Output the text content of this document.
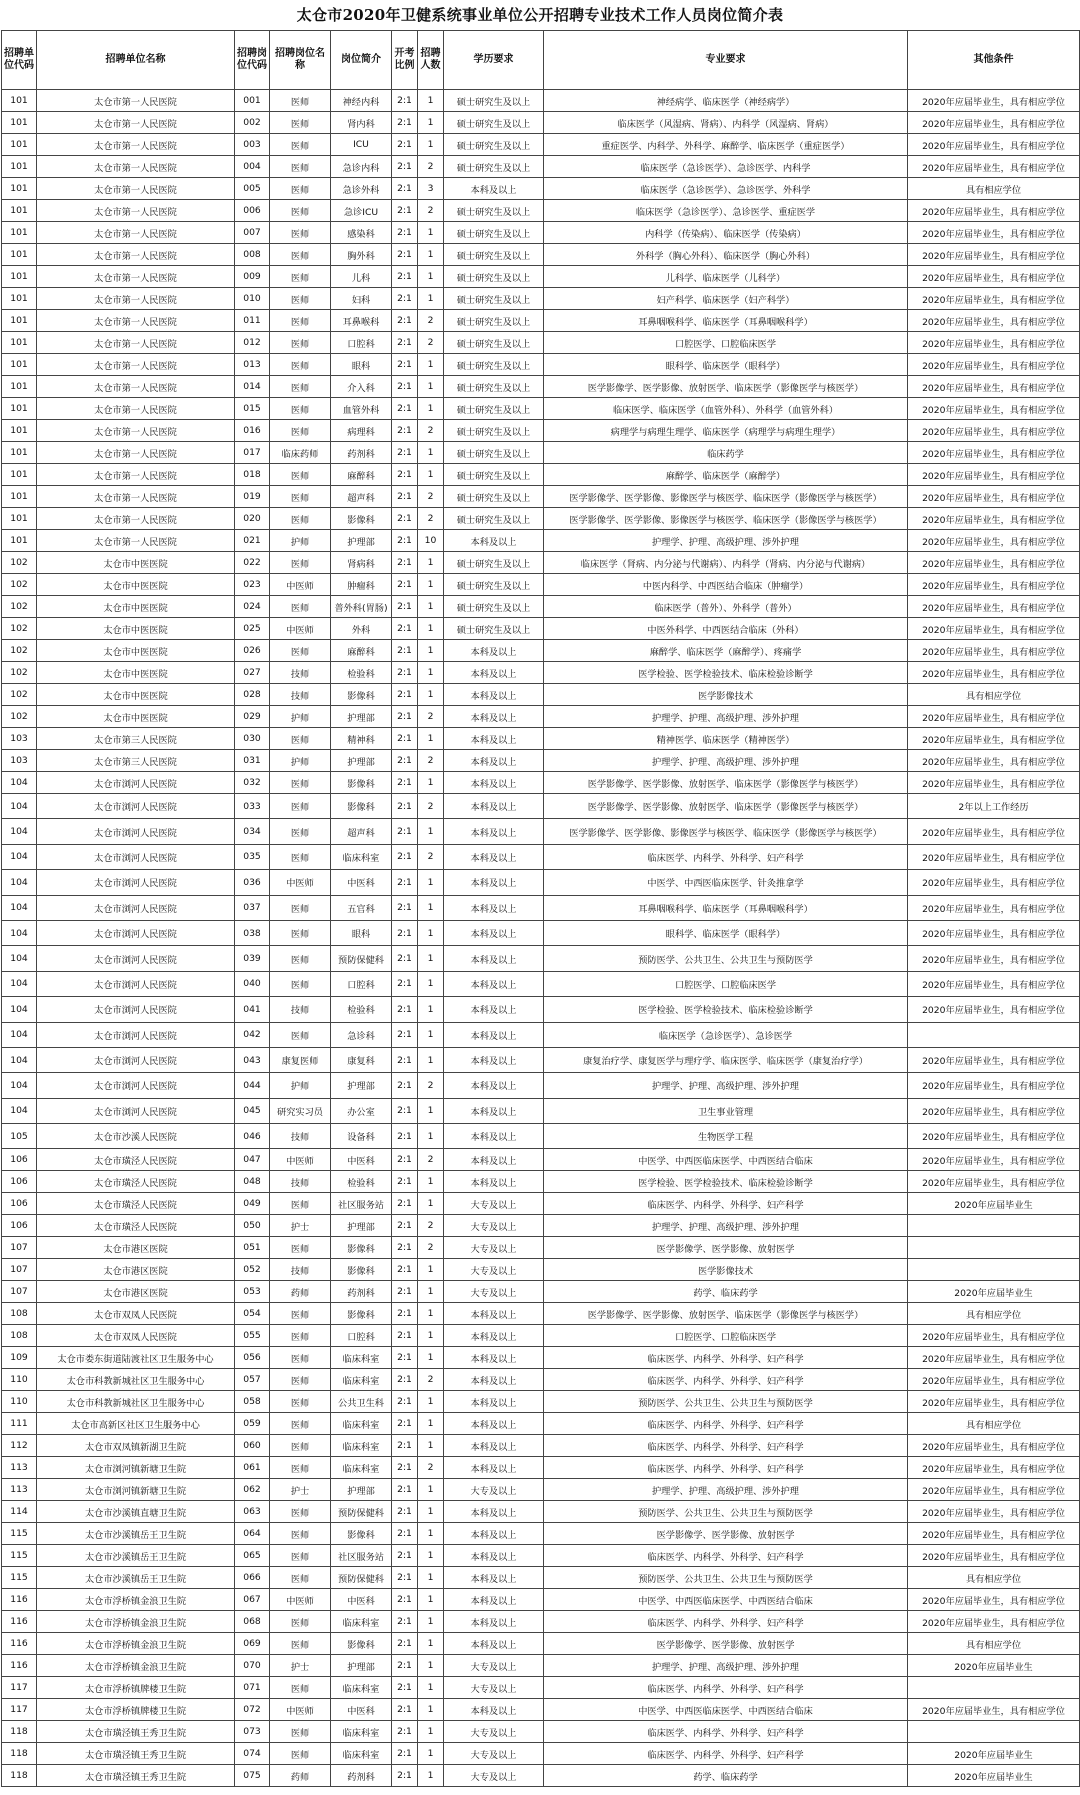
太仓市2020年卫健系统事业单位公开招聘专业技术工作人员岗位简介表
招聘单位代码	招聘单位名称	招聘岗位代码	招聘岗位名称	岗位简介	开考比例	招聘人数	学历要求	专业要求	其他条件
101	太仓市第一人民医院	001	医师	神经内科	2:1	1	硕士研究生及以上	神经病学、临床医学（神经病学）	2020年应届毕业生，具有相应学位
101	太仓市第一人民医院	002	医师	肾内科	2:1	1	硕士研究生及以上	临床医学（风湿病、肾病）、内科学（风湿病、肾病）	2020年应届毕业生，具有相应学位
101	太仓市第一人民医院	003	医师	ICU	2:1	1	硕士研究生及以上	重症医学、内科学、外科学、麻醉学、临床医学（重症医学）	2020年应届毕业生，具有相应学位
101	太仓市第一人民医院	004	医师	急诊内科	2:1	2	硕士研究生及以上	临床医学（急诊医学）、急诊医学、内科学	2020年应届毕业生，具有相应学位
101	太仓市第一人民医院	005	医师	急诊外科	2:1	3	本科及以上	临床医学（急诊医学）、急诊医学、外科学	具有相应学位
101	太仓市第一人民医院	006	医师	急诊ICU	2:1	2	硕士研究生及以上	临床医学（急诊医学）、急诊医学、重症医学	2020年应届毕业生，具有相应学位
101	太仓市第一人民医院	007	医师	感染科	2:1	1	硕士研究生及以上	内科学（传染病）、临床医学（传染病）	2020年应届毕业生，具有相应学位
101	太仓市第一人民医院	008	医师	胸外科	2:1	1	硕士研究生及以上	外科学（胸心外科）、临床医学（胸心外科）	2020年应届毕业生，具有相应学位
101	太仓市第一人民医院	009	医师	儿科	2:1	1	硕士研究生及以上	儿科学、临床医学（儿科学）	2020年应届毕业生，具有相应学位
101	太仓市第一人民医院	010	医师	妇科	2:1	1	硕士研究生及以上	妇产科学、临床医学（妇产科学）	2020年应届毕业生，具有相应学位
101	太仓市第一人民医院	011	医师	耳鼻喉科	2:1	2	硕士研究生及以上	耳鼻咽喉科学、临床医学（耳鼻咽喉科学）	2020年应届毕业生，具有相应学位
101	太仓市第一人民医院	012	医师	口腔科	2:1	2	硕士研究生及以上	口腔医学、口腔临床医学	2020年应届毕业生，具有相应学位
101	太仓市第一人民医院	013	医师	眼科	2:1	1	硕士研究生及以上	眼科学、临床医学（眼科学）	2020年应届毕业生，具有相应学位
101	太仓市第一人民医院	014	医师	介入科	2:1	1	硕士研究生及以上	医学影像学、医学影像、放射医学、临床医学（影像医学与核医学）	2020年应届毕业生，具有相应学位
101	太仓市第一人民医院	015	医师	血管外科	2:1	1	硕士研究生及以上	临床医学、临床医学（血管外科）、外科学（血管外科）	2020年应届毕业生，具有相应学位
101	太仓市第一人民医院	016	医师	病理科	2:1	2	硕士研究生及以上	病理学与病理生理学、临床医学（病理学与病理生理学）	2020年应届毕业生，具有相应学位
101	太仓市第一人民医院	017	临床药师	药剂科	2:1	1	硕士研究生及以上	临床药学	2020年应届毕业生，具有相应学位
101	太仓市第一人民医院	018	医师	麻醉科	2:1	1	硕士研究生及以上	麻醉学、临床医学（麻醉学）	2020年应届毕业生，具有相应学位
101	太仓市第一人民医院	019	医师	超声科	2:1	2	硕士研究生及以上	医学影像学、医学影像、影像医学与核医学、临床医学（影像医学与核医学）	2020年应届毕业生，具有相应学位
101	太仓市第一人民医院	020	医师	影像科	2:1	2	硕士研究生及以上	医学影像学、医学影像、影像医学与核医学、临床医学（影像医学与核医学）	2020年应届毕业生，具有相应学位
101	太仓市第一人民医院	021	护师	护理部	2:1	10	本科及以上	护理学、护理、高级护理、涉外护理	2020年应届毕业生，具有相应学位
102	太仓市中医医院	022	医师	肾病科	2:1	1	硕士研究生及以上	临床医学（肾病、内分泌与代谢病）、内科学（肾病、内分泌与代谢病）	2020年应届毕业生，具有相应学位
102	太仓市中医医院	023	中医师	肿瘤科	2:1	1	硕士研究生及以上	中医内科学、中西医结合临床（肿瘤学）	2020年应届毕业生，具有相应学位
102	太仓市中医医院	024	医师	普外科(胃肠)	2:1	1	硕士研究生及以上	临床医学（普外）、外科学（普外）	2020年应届毕业生，具有相应学位
102	太仓市中医医院	025	中医师	外科	2:1	1	硕士研究生及以上	中医外科学、中西医结合临床（外科）	2020年应届毕业生，具有相应学位
102	太仓市中医医院	026	医师	麻醉科	2:1	1	本科及以上	麻醉学、临床医学（麻醉学）、疼痛学	2020年应届毕业生，具有相应学位
102	太仓市中医医院	027	技师	检验科	2:1	1	本科及以上	医学检验、医学检验技术、临床检验诊断学	2020年应届毕业生，具有相应学位
102	太仓市中医医院	028	技师	影像科	2:1	1	本科及以上	医学影像技术	具有相应学位
102	太仓市中医医院	029	护师	护理部	2:1	2	本科及以上	护理学、护理、高级护理、涉外护理	2020年应届毕业生，具有相应学位
103	太仓市第三人民医院	030	医师	精神科	2:1	1	本科及以上	精神医学、临床医学（精神医学）	2020年应届毕业生，具有相应学位
103	太仓市第三人民医院	031	护师	护理部	2:1	2	本科及以上	护理学、护理、高级护理、涉外护理	2020年应届毕业生，具有相应学位
104	太仓市浏河人民医院	032	医师	影像科	2:1	1	本科及以上	医学影像学、医学影像、放射医学、临床医学（影像医学与核医学）	2020年应届毕业生，具有相应学位
104	太仓市浏河人民医院	033	医师	影像科	2:1	2	本科及以上	医学影像学、医学影像、放射医学、临床医学（影像医学与核医学）	2年以上工作经历
104	太仓市浏河人民医院	034	医师	超声科	2:1	1	本科及以上	医学影像学、医学影像、影像医学与核医学、临床医学（影像医学与核医学）	2020年应届毕业生，具有相应学位
104	太仓市浏河人民医院	035	医师	临床科室	2:1	2	本科及以上	临床医学、内科学、外科学、妇产科学	2020年应届毕业生，具有相应学位
104	太仓市浏河人民医院	036	中医师	中医科	2:1	1	本科及以上	中医学、中西医临床医学、针灸推拿学	2020年应届毕业生，具有相应学位
104	太仓市浏河人民医院	037	医师	五官科	2:1	1	本科及以上	耳鼻咽喉科学、临床医学（耳鼻咽喉科学）	2020年应届毕业生，具有相应学位
104	太仓市浏河人民医院	038	医师	眼科	2:1	1	本科及以上	眼科学、临床医学（眼科学）	2020年应届毕业生，具有相应学位
104	太仓市浏河人民医院	039	医师	预防保健科	2:1	1	本科及以上	预防医学、公共卫生、公共卫生与预防医学	2020年应届毕业生，具有相应学位
104	太仓市浏河人民医院	040	医师	口腔科	2:1	1	本科及以上	口腔医学、口腔临床医学	2020年应届毕业生，具有相应学位
104	太仓市浏河人民医院	041	技师	检验科	2:1	1	本科及以上	医学检验、医学检验技术、临床检验诊断学	2020年应届毕业生，具有相应学位
104	太仓市浏河人民医院	042	医师	急诊科	2:1	1	本科及以上	临床医学（急诊医学）、急诊医学	
104	太仓市浏河人民医院	043	康复医师	康复科	2:1	1	本科及以上	康复治疗学、康复医学与理疗学、临床医学、临床医学（康复治疗学）	2020年应届毕业生，具有相应学位
104	太仓市浏河人民医院	044	护师	护理部	2:1	2	本科及以上	护理学、护理、高级护理、涉外护理	2020年应届毕业生，具有相应学位
104	太仓市浏河人民医院	045	研究实习员	办公室	2:1	1	本科及以上	卫生事业管理	2020年应届毕业生，具有相应学位
105	太仓市沙溪人民医院	046	技师	设备科	2:1	1	本科及以上	生物医学工程	2020年应届毕业生，具有相应学位
106	太仓市璜泾人民医院	047	中医师	中医科	2:1	2	本科及以上	中医学、中西医临床医学、中西医结合临床	2020年应届毕业生，具有相应学位
106	太仓市璜泾人民医院	048	技师	检验科	2:1	1	本科及以上	医学检验、医学检验技术、临床检验诊断学	2020年应届毕业生，具有相应学位
106	太仓市璜泾人民医院	049	医师	社区服务站	2:1	1	大专及以上	临床医学、内科学、外科学、妇产科学	2020年应届毕业生
106	太仓市璜泾人民医院	050	护士	护理部	2:1	2	大专及以上	护理学、护理、高级护理、涉外护理	
107	太仓市港区医院	051	医师	影像科	2:1	2	大专及以上	医学影像学、医学影像、放射医学	
107	太仓市港区医院	052	技师	影像科	2:1	1	大专及以上	医学影像技术	
107	太仓市港区医院	053	药师	药剂科	2:1	1	大专及以上	药学、临床药学	2020年应届毕业生
108	太仓市双凤人民医院	054	医师	影像科	2:1	1	本科及以上	医学影像学、医学影像、放射医学、临床医学（影像医学与核医学）	具有相应学位
108	太仓市双凤人民医院	055	医师	口腔科	2:1	1	本科及以上	口腔医学、口腔临床医学	2020年应届毕业生，具有相应学位
109	太仓市娄东街道陆渡社区卫生服务中心	056	医师	临床科室	2:1	1	本科及以上	临床医学、内科学、外科学、妇产科学	2020年应届毕业生，具有相应学位
110	太仓市科教新城社区卫生服务中心	057	医师	临床科室	2:1	2	本科及以上	临床医学、内科学、外科学、妇产科学	2020年应届毕业生，具有相应学位
110	太仓市科教新城社区卫生服务中心	058	医师	公共卫生科	2:1	1	本科及以上	预防医学、公共卫生、公共卫生与预防医学	2020年应届毕业生，具有相应学位
111	太仓市高新区社区卫生服务中心	059	医师	临床科室	2:1	1	本科及以上	临床医学、内科学、外科学、妇产科学	具有相应学位
112	太仓市双凤镇新湖卫生院	060	医师	临床科室	2:1	1	本科及以上	临床医学、内科学、外科学、妇产科学	2020年应届毕业生，具有相应学位
113	太仓市浏河镇新塘卫生院	061	医师	临床科室	2:1	2	本科及以上	临床医学、内科学、外科学、妇产科学	2020年应届毕业生，具有相应学位
113	太仓市浏河镇新塘卫生院	062	护士	护理部	2:1	1	大专及以上	护理学、护理、高级护理、涉外护理	2020年应届毕业生，具有相应学位
114	太仓市沙溪镇直塘卫生院	063	医师	预防保健科	2:1	1	本科及以上	预防医学、公共卫生、公共卫生与预防医学	2020年应届毕业生，具有相应学位
115	太仓市沙溪镇岳王卫生院	064	医师	影像科	2:1	1	本科及以上	医学影像学、医学影像、放射医学	2020年应届毕业生，具有相应学位
115	太仓市沙溪镇岳王卫生院	065	医师	社区服务站	2:1	1	本科及以上	临床医学、内科学、外科学、妇产科学	2020年应届毕业生，具有相应学位
115	太仓市沙溪镇岳王卫生院	066	医师	预防保健科	2:1	1	本科及以上	预防医学、公共卫生、公共卫生与预防医学	具有相应学位
116	太仓市浮桥镇金浪卫生院	067	中医师	中医科	2:1	1	本科及以上	中医学、中西医临床医学、中西医结合临床	2020年应届毕业生，具有相应学位
116	太仓市浮桥镇金浪卫生院	068	医师	临床科室	2:1	1	本科及以上	临床医学、内科学、外科学、妇产科学	2020年应届毕业生，具有相应学位
116	太仓市浮桥镇金浪卫生院	069	医师	影像科	2:1	1	本科及以上	医学影像学、医学影像、放射医学	具有相应学位
116	太仓市浮桥镇金浪卫生院	070	护士	护理部	2:1	1	大专及以上	护理学、护理、高级护理、涉外护理	2020年应届毕业生
117	太仓市浮桥镇牌楼卫生院	071	医师	临床科室	2:1	1	大专及以上	临床医学、内科学、外科学、妇产科学	
117	太仓市浮桥镇牌楼卫生院	072	中医师	中医科	2:1	1	本科及以上	中医学、中西医临床医学、中西医结合临床	2020年应届毕业生，具有相应学位
118	太仓市璜泾镇王秀卫生院	073	医师	临床科室	2:1	1	大专及以上	临床医学、内科学、外科学、妇产科学	
118	太仓市璜泾镇王秀卫生院	074	医师	临床科室	2:1	1	大专及以上	临床医学、内科学、外科学、妇产科学	2020年应届毕业生
118	太仓市璜泾镇王秀卫生院	075	药师	药剂科	2:1	1	大专及以上	药学、临床药学	2020年应届毕业生
